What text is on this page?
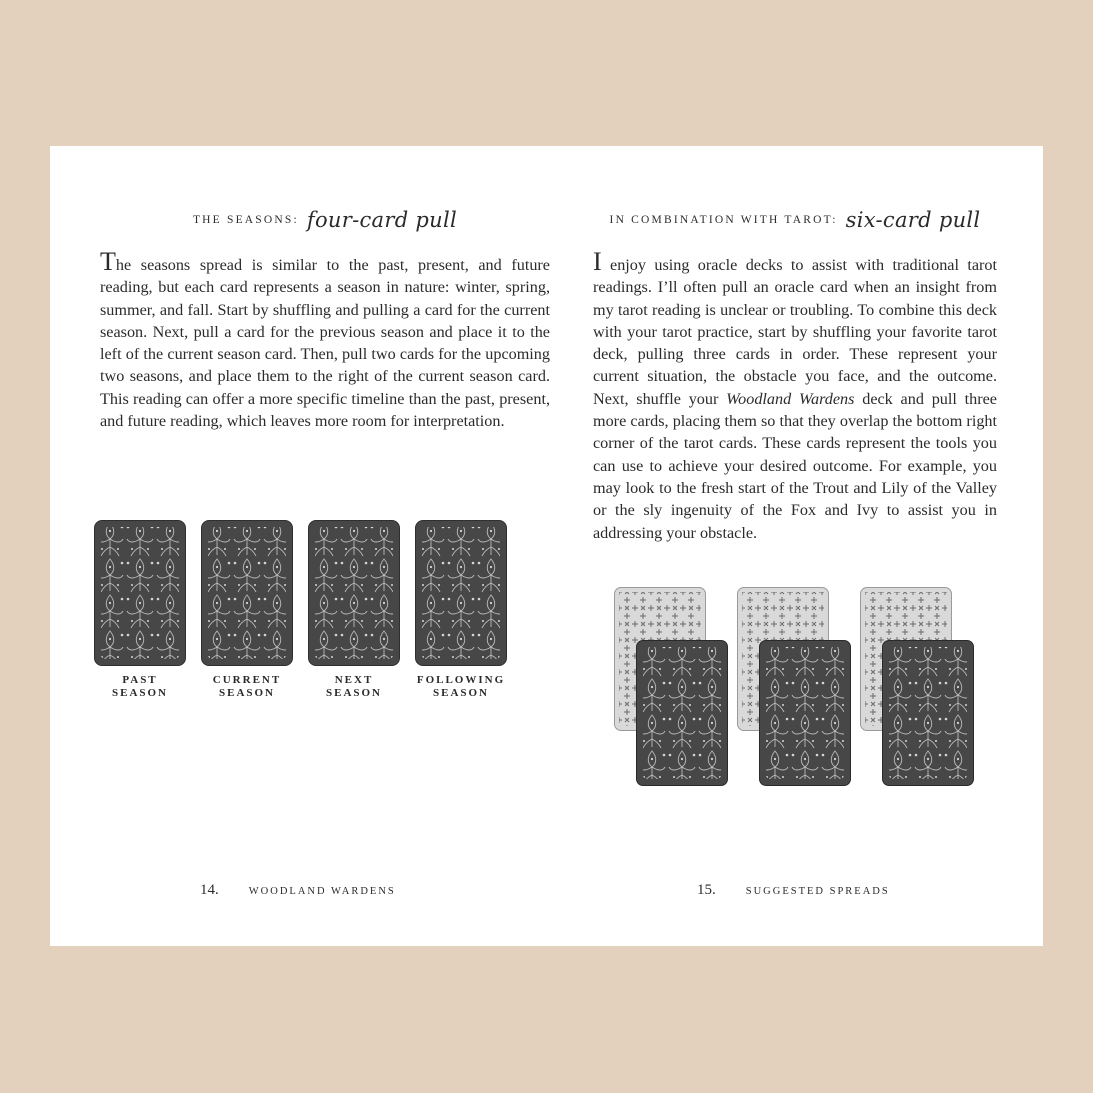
THE SEASONS: four-card pull

The seasons spread is similar to the past, present, and future reading, but each card represents a season in nature: winter, spring, summer, and fall. Start by shuffling and pulling a card for the current season. Next, pull a card for the previous season and place it to the left of the current season card. Then, pull two cards for the upcoming two seasons, and place them to the right of the current season card. This reading can offer a more specific timeline than the past, present, and future reading, which leaves more room for interpretation.

PAST
SEASON
CURRENT
SEASON
NEXT
SEASON
FOLLOWING
SEASON
14.	WOODLAND WARDENS
IN COMBINATION WITH TAROT: six-card pull

I enjoy using oracle decks to assist with traditional tarot readings. I’ll often pull an oracle card when an insight from my tarot reading is unclear or troubling. To combine this deck with your tarot practice, start by shuffling your favorite tarot deck, pulling three cards in order. These represent your current situation, the obstacle you face, and the outcome. Next, shuffle your Woodland Wardens deck and pull three more cards, placing them so that they overlap the bottom right corner of the tarot cards. These cards represent the tools you can use to achieve your desired outcome. For example, you may look to the fresh start of the Trout and Lily of the Valley or the sly ingenuity of the Fox and Ivy to assist you in addressing your obstacle.

15.	SUGGESTED SPREADS
